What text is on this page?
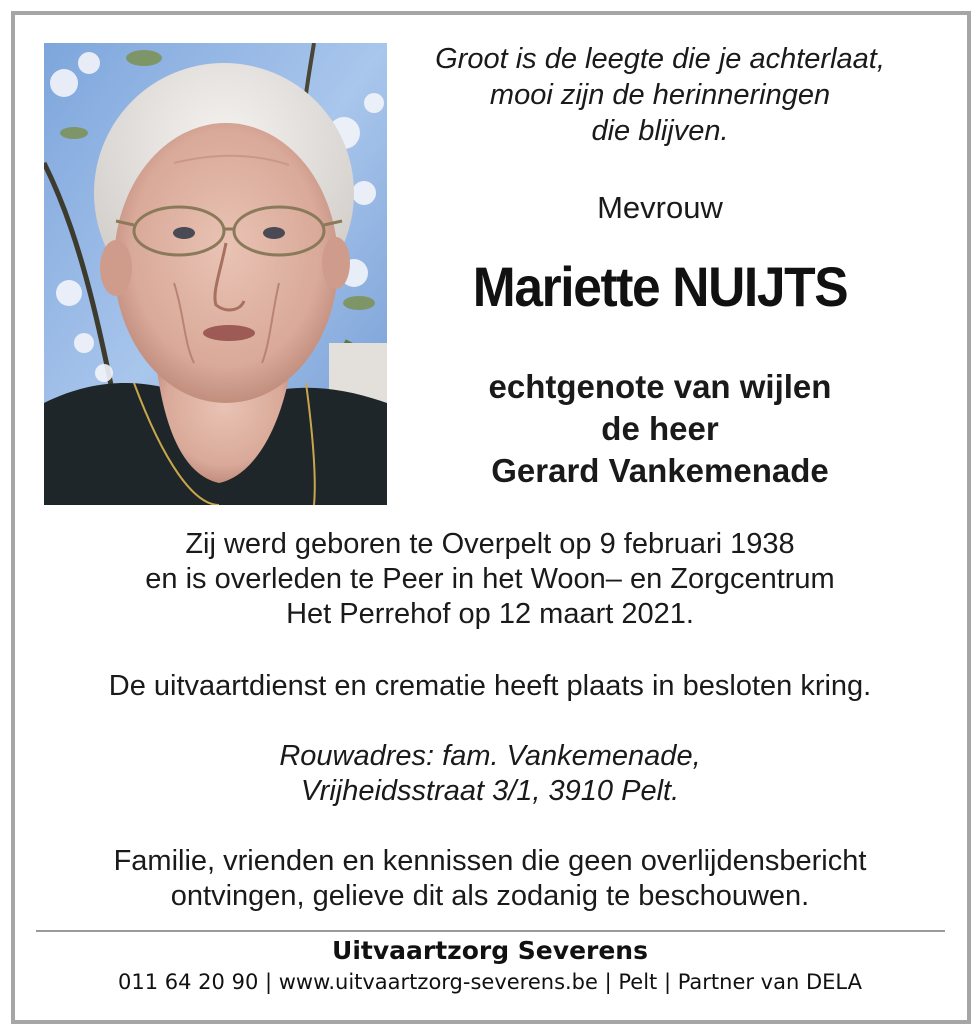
Groot is de leegte die je achterlaat,
mooi zijn de herinneringen
die blijven.
Mevrouw
Mariette NUIJTS
echtgenote van wijlen
de heer
Gerard Vankemenade
Zij werd geboren te Overpelt op 9 februari 1938
en is overleden te Peer in het Woon– en Zorgcentrum
Het Perrehof op 12 maart 2021.
De uitvaartdienst en crematie heeft plaats in besloten kring.
Rouwadres: fam. Vankemenade,
Vrijheidsstraat 3/1, 3910 Pelt.
Familie, vrienden en kennissen die geen overlijdensbericht
ontvingen, gelieve dit als zodanig te beschouwen.
Uitvaartzorg Severens
011 64 20 90 | www.uitvaartzorg-severens.be | Pelt | Partner van DELA
